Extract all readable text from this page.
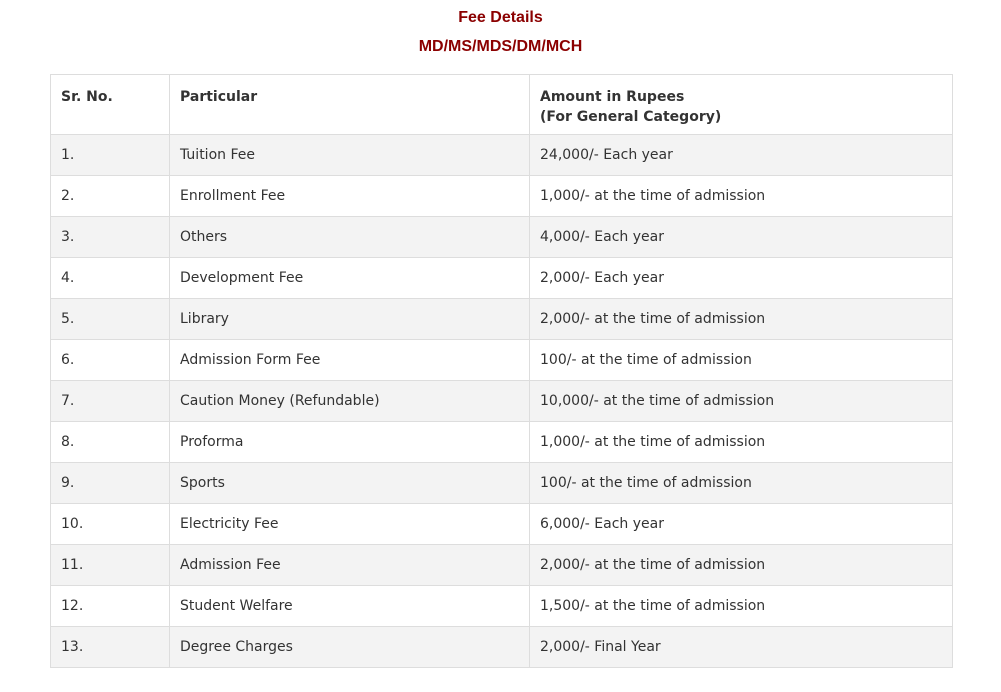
Fee Details
MD/MS/MDS/DM/MCH
Sr. No.	Particular	Amount in Rupees
(For General Category)

1.	Tuition Fee	24,000/- Each year
2.	Enrollment Fee	1,000/- at the time of admission
3.	Others	4,000/- Each year
4.	Development Fee	2,000/- Each year
5.	Library	2,000/- at the time of admission
6.	Admission Form Fee	100/- at the time of admission
7.	Caution Money (Refundable)	10,000/- at the time of admission
8.	Proforma	1,000/- at the time of admission
9.	Sports	100/- at the time of admission
10.	Electricity Fee	6,000/- Each year
11.	Admission Fee	2,000/- at the time of admission
12.	Student Welfare	1,500/- at the time of admission
13.	Degree Charges	2,000/- Final Year
